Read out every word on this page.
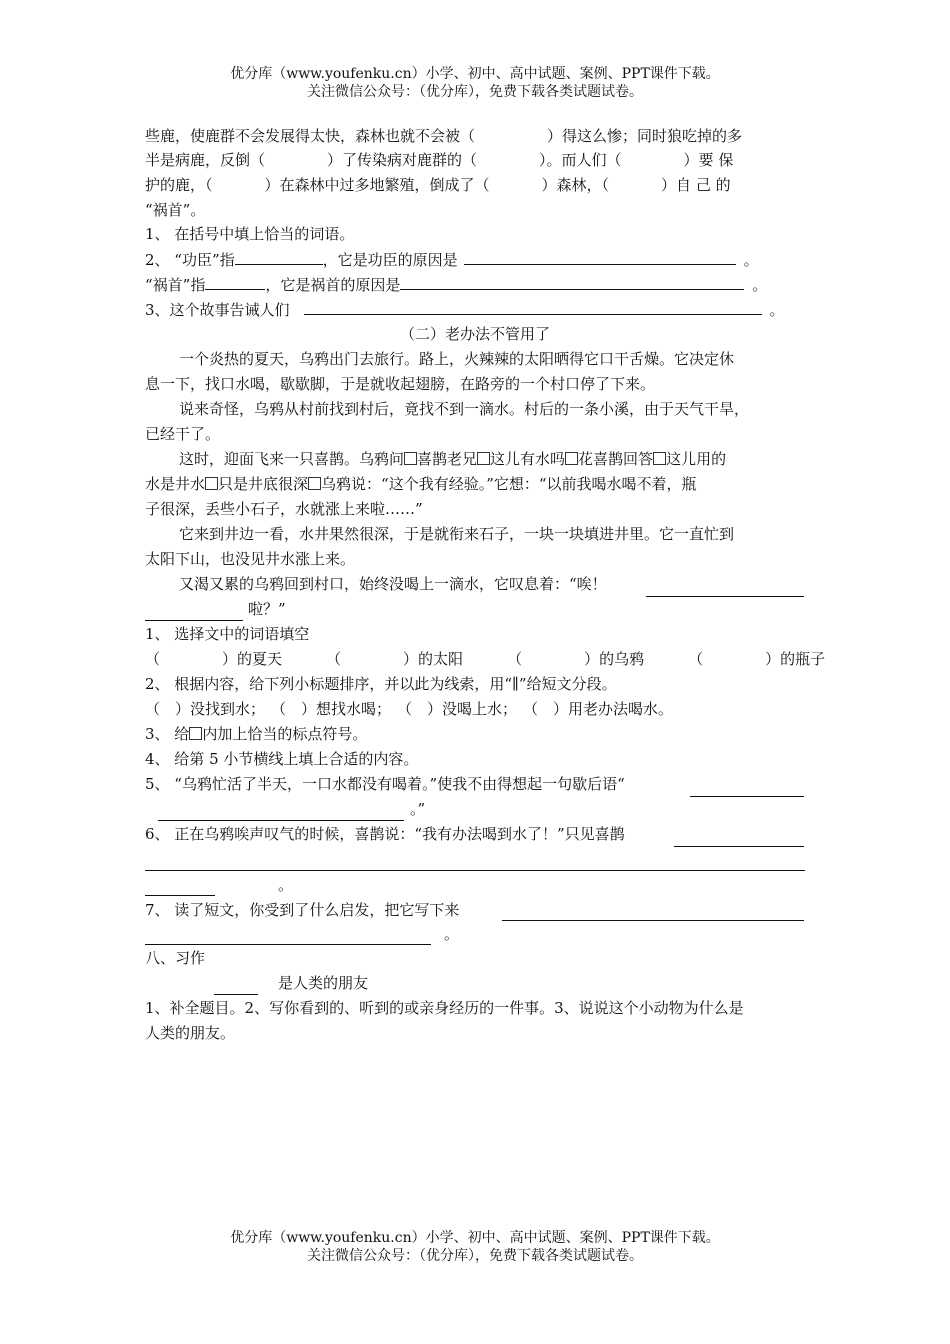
优分库（www.youfenku.cn）小学、初中、高中试题、案例、PPT课件下载。
关注微信公众号：（优分库），免费下载各类试题试卷。
些鹿，使鹿群不会发展得太快，森林也就不会被（	）得这么惨；同时狼吃掉的多
半是病鹿，反倒（	）了传染病对鹿群的（	）。而人们（	）要 保
护的鹿，（	）在森林中过多地繁殖，倒成了（	）森林，（	）自 己 的
“祸首”。
1、 在括号中填上恰当的词语。
2、 “功臣”指	，它是功臣的原因是	。
“祸首”指	，它是祸首的原因是	。
3、这个故事告诫人们	。
（二）老办法不管用了
一个炎热的夏天，乌鸦出门去旅行。路上，火辣辣的太阳晒得它口干舌燥。它决定休
息一下，找口水喝，歇歇脚，于是就收起翅膀，在路旁的一个村口停了下来。
说来奇怪，乌鸦从村前找到村后，竟找不到一滴水。村后的一条小溪，由于天气干旱，
已经干了。
这时，迎面飞来一只喜鹊。乌鸦问 喜鹊老兄 这儿有水吗 花喜鹊回答 这儿用的
水是井水 只是井底很深 乌鸦说：“这个我有经验。”它想：“以前我喝水喝不着，瓶
子很深，丢些小石子，水就涨上来啦……”
它来到井边一看，水井果然很深，于是就衔来石子，一块一块填进井里。它一直忙到
太阳下山，也没见井水涨上来。
又渴又累的乌鸦回到村口，始终没喝上一滴水，它叹息着：“唉！
啦？”
1、 选择文中的词语填空
（	）的夏天	（	）的太阳	（	）的乌鸦	（	）的瓶子
2、 根据内容，给下列小标题排序，并以此为线索，用“∥”给短文分段。
（　）没找到水； （　）想找水喝； （　）没喝上水； （　）用老办法喝水。
3、 给 内加上恰当的标点符号。
4、 给第 5 小节横线上填上合适的内容。
5、 “乌鸦忙活了半天，一口水都没有喝着。”使我不由得想起一句歇后语“
。”
6、 正在乌鸦唉声叹气的时候，喜鹊说：“我有办法喝到水了！”只见喜鹊
。
7、 读了短文，你受到了什么启发，把它写下来
。
八、习作
是人类的朋友
1、补全题目。2、写你看到的、听到的或亲身经历的一件事。3、说说这个小动物为什么是
人类的朋友。
优分库（www.youfenku.cn）小学、初中、高中试题、案例、PPT课件下载。
关注微信公众号：（优分库），免费下载各类试题试卷。
